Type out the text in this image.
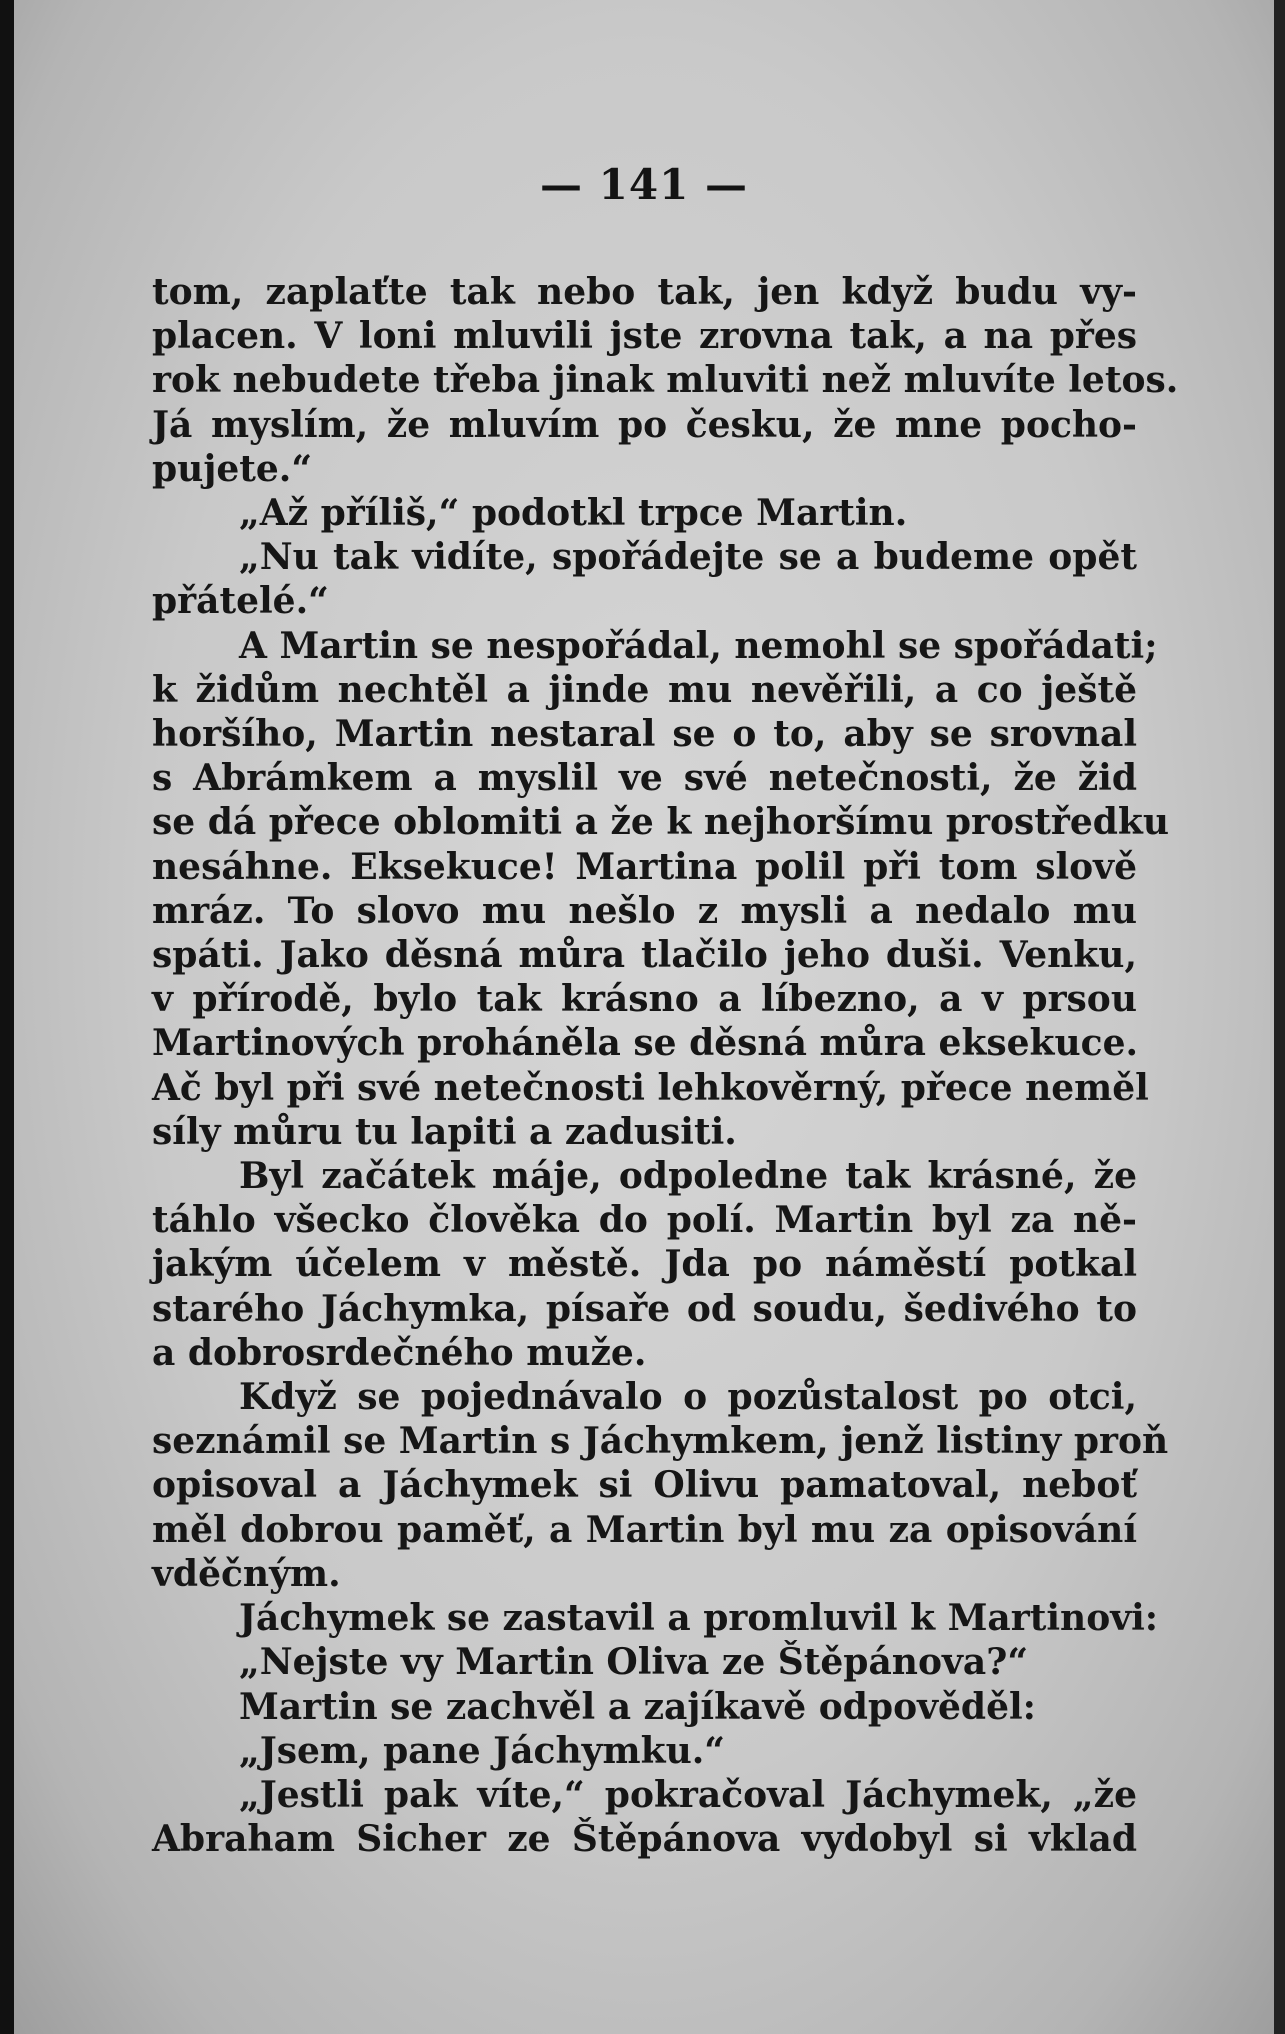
— 141 —
tom, zaplaťte tak nebo tak, jen když budu vy-
placen. V loni mluvili jste zrovna tak, a na přes
rok nebudete třeba jinak mluviti než mluvíte letos.
Já myslím, že mluvím po česku, že mne pocho-
pujete.“
„Až příliš,“ podotkl trpce Martin.
„Nu tak vidíte, spořádejte se a budeme opět
přátelé.“
A Martin se nespořádal, nemohl se spořádati;
k židům nechtěl a jinde mu nevěřili, a co ještě
horšího, Martin nestaral se o to, aby se srovnal
s Abrámkem a myslil ve své netečnosti, že žid
se dá přece oblomiti a že k nejhoršímu prostředku
nesáhne. Eksekuce! Martina polil při tom slově
mráz. To slovo mu nešlo z mysli a nedalo mu
spáti. Jako děsná můra tlačilo jeho duši. Venku,
v přírodě, bylo tak krásno a líbezno, a v prsou
Martinových proháněla se děsná můra eksekuce.
Ač byl při své netečnosti lehkověrný, přece neměl
síly můru tu lapiti a zadusiti.
Byl začátek máje, odpoledne tak krásné, že
táhlo všecko člověka do polí. Martin byl za ně-
jakým účelem v městě. Jda po náměstí potkal
starého Jáchymka, písaře od soudu, šedivého to
a dobrosrdečného muže.
Když se pojednávalo o pozůstalost po otci,
seznámil se Martin s Jáchymkem, jenž listiny proň
opisoval a Jáchymek si Olivu pamatoval, neboť
měl dobrou paměť, a Martin byl mu za opisování
vděčným.
Jáchymek se zastavil a promluvil k Martinovi:
„Nejste vy Martin Oliva ze Štěpánova?“
Martin se zachvěl a zajíkavě odpověděl:
„Jsem, pane Jáchymku.“
„Jestli pak víte,“ pokračoval Jáchymek, „že
Abraham Sicher ze Štěpánova vydobyl si vklad
